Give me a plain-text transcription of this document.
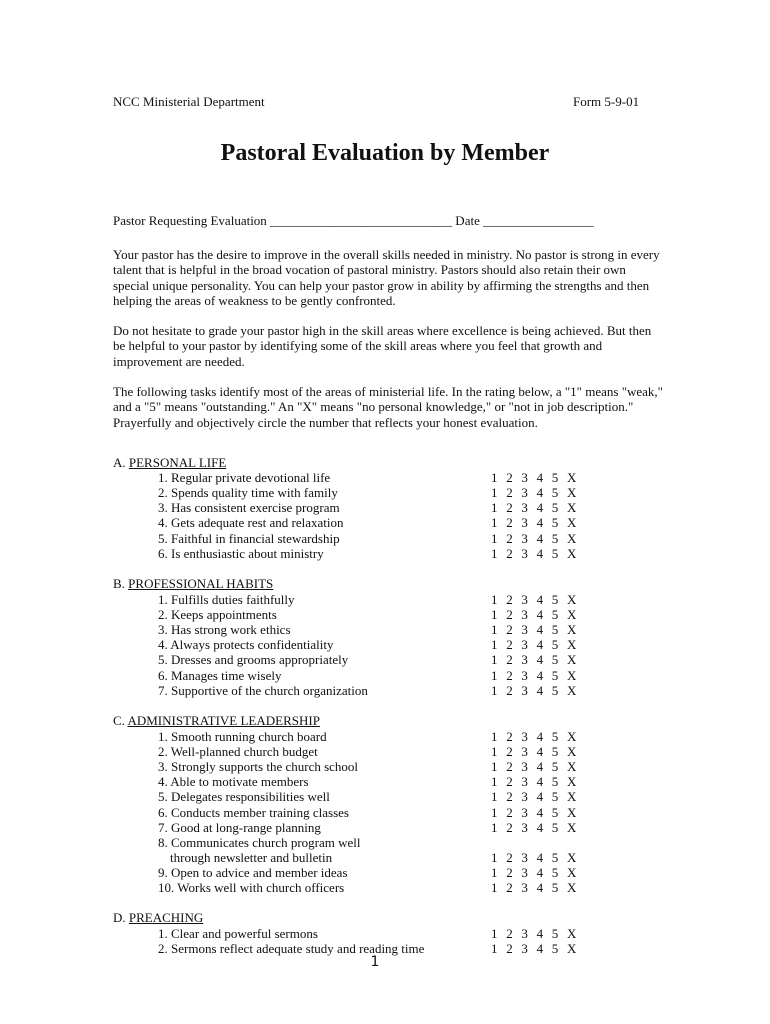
NCC Ministerial Department	Form 5-9-01
Pastoral Evaluation by Member
Pastor Requesting Evaluation ____________________________ Date _________________
Your pastor has the desire to improve in the overall skills needed in ministry. No pastor is strong in every talent that is helpful in the broad vocation of pastoral ministry. Pastors should also retain their own special unique personality. You can help your pastor grow in ability by affirming the strengths and then helping the areas of weakness to be gently confronted.
Do not hesitate to grade your pastor high in the skill areas where excellence is being achieved. But then be helpful to your pastor by identifying some of the skill areas where you feel that growth and improvement are needed.
The following tasks identify most of the areas of ministerial life. In the rating below, a "1" means "weak," and a "5" means "outstanding." An "X" means "no personal knowledge," or "not in job description." Prayerfully and objectively circle the number that reflects your honest evaluation.
A. PERSONAL LIFE
1. Regular private devotional life
2. Spends quality time with family
3. Has consistent exercise program
4. Gets adequate rest and relaxation
5. Faithful in financial stewardship
6. Is enthusiastic about ministry
B. PROFESSIONAL HABITS
1. Fulfills duties faithfully
2. Keeps appointments
3. Has strong work ethics
4. Always protects confidentiality
5. Dresses and grooms appropriately
6. Manages time wisely
7. Supportive of the church organization
C. ADMINISTRATIVE LEADERSHIP
1. Smooth running church board
2. Well-planned church budget
3. Strongly supports the church school
4. Able to motivate members
5. Delegates responsibilities well
6. Conducts member training classes
7. Good at long-range planning
8. Communicates church program well
through newsletter and bulletin
9. Open to advice and member ideas
10. Works well with church officers
D. PREACHING
1. Clear and powerful sermons
2. Sermons reflect adequate study and reading time
1 2 3 4 5 X
1 2 3 4 5 X
1 2 3 4 5 X
1 2 3 4 5 X
1 2 3 4 5 X
1 2 3 4 5 X
1 2 3 4 5 X
1 2 3 4 5 X
1 2 3 4 5 X
1 2 3 4 5 X
1 2 3 4 5 X
1 2 3 4 5 X
1 2 3 4 5 X
1 2 3 4 5 X
1 2 3 4 5 X
1 2 3 4 5 X
1 2 3 4 5 X
1 2 3 4 5 X
1 2 3 4 5 X
1 2 3 4 5 X
1 2 3 4 5 X
1 2 3 4 5 X
1 2 3 4 5 X
1 2 3 4 5 X
1 2 3 4 5 X
1
